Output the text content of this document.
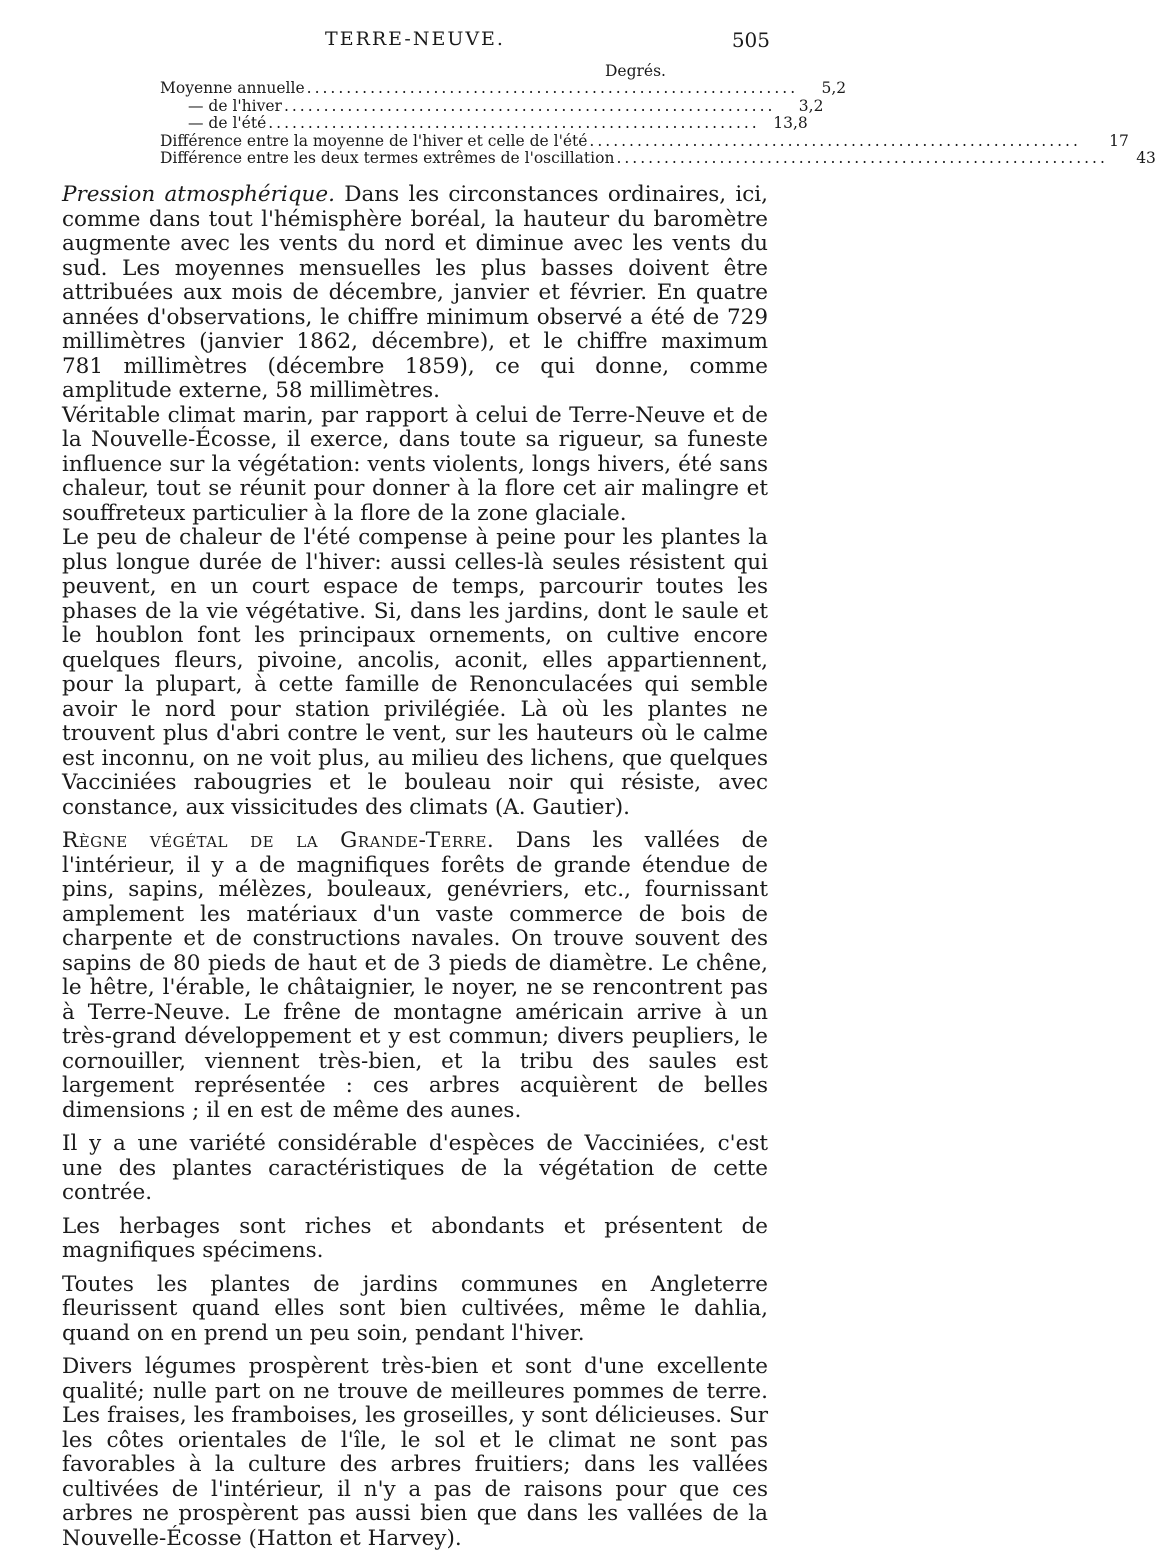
TERRE-NEUVE.	505
Degrés.
Moyenne annuelle ..............................................................	5,2
— de l'hiver ..............................................................	3,2
— de l'été .............................................................. 13,8
Différence entre la moyenne de l'hiver et celle de l'été ..............................................................	17
Différence entre les deux termes extrêmes de l'oscillation ..............................................................	43

Pression atmosphérique. Dans les circonstances ordinaires, ici, comme dans tout l'hémisphère boréal, la hauteur du baromètre augmente avec les vents du nord et diminue avec les vents du sud. Les moyennes mensuelles les plus basses doivent être attribuées aux mois de décembre, janvier et février. En quatre années d'observations, le chiffre minimum observé a été de 729 millimètres (janvier 1862, décembre), et le chiffre maximum 781 millimètres (décembre 1859), ce qui donne, comme amplitude externe, 58 millimètres.

Véritable climat marin, par rapport à celui de Terre-Neuve et de la Nouvelle-Écosse, il exerce, dans toute sa rigueur, sa funeste influence sur la végétation: vents violents, longs hivers, été sans chaleur, tout se réunit pour donner à la flore cet air malingre et souffreteux particulier à la flore de la zone glaciale.

Le peu de chaleur de l'été compense à peine pour les plantes la plus longue durée de l'hiver: aussi celles-là seules résistent qui peuvent, en un court espace de temps, parcourir toutes les phases de la vie végétative. Si, dans les jardins, dont le saule et le houblon font les principaux ornements, on cultive encore quelques fleurs, pivoine, ancolis, aconit, elles appartiennent, pour la plupart, à cette famille de Renonculacées qui semble avoir le nord pour station privilégiée. Là où les plantes ne trouvent plus d'abri contre le vent, sur les hauteurs où le calme est inconnu, on ne voit plus, au milieu des lichens, que quelques Vacciniées rabougries et le bouleau noir qui résiste, avec constance, aux vissicitudes des climats (A. Gautier).

Règne végétal de la Grande-Terre. Dans les vallées de l'intérieur, il y a de magnifiques forêts de grande étendue de pins, sapins, mélèzes, bouleaux, genévriers, etc., fournissant amplement les matériaux d'un vaste commerce de bois de charpente et de constructions navales. On trouve souvent des sapins de 80 pieds de haut et de 3 pieds de diamètre. Le chêne, le hêtre, l'érable, le châtaignier, le noyer, ne se rencontrent pas à Terre-Neuve. Le frêne de montagne américain arrive à un très-grand développement et y est commun; divers peupliers, le cornouiller, viennent très-bien, et la tribu des saules est largement représentée : ces arbres acquièrent de belles dimensions ; il en est de même des aunes.

Il y a une variété considérable d'espèces de Vacciniées, c'est une des plantes caractéristiques de la végétation de cette contrée.

Les herbages sont riches et abondants et présentent de magnifiques spécimens.

Toutes les plantes de jardins communes en Angleterre fleurissent quand elles sont bien cultivées, même le dahlia, quand on en prend un peu soin, pendant l'hiver.

Divers légumes prospèrent très-bien et sont d'une excellente qualité; nulle part on ne trouve de meilleures pommes de terre. Les fraises, les framboises, les groseilles, y sont délicieuses. Sur les côtes orientales de l'île, le sol et le climat ne sont pas favorables à la culture des arbres fruitiers; dans les vallées cultivées de l'intérieur, il n'y a pas de raisons pour que ces arbres ne prospèrent pas aussi bien que dans les vallées de la Nouvelle-Écosse (Hatton et Harvey).
